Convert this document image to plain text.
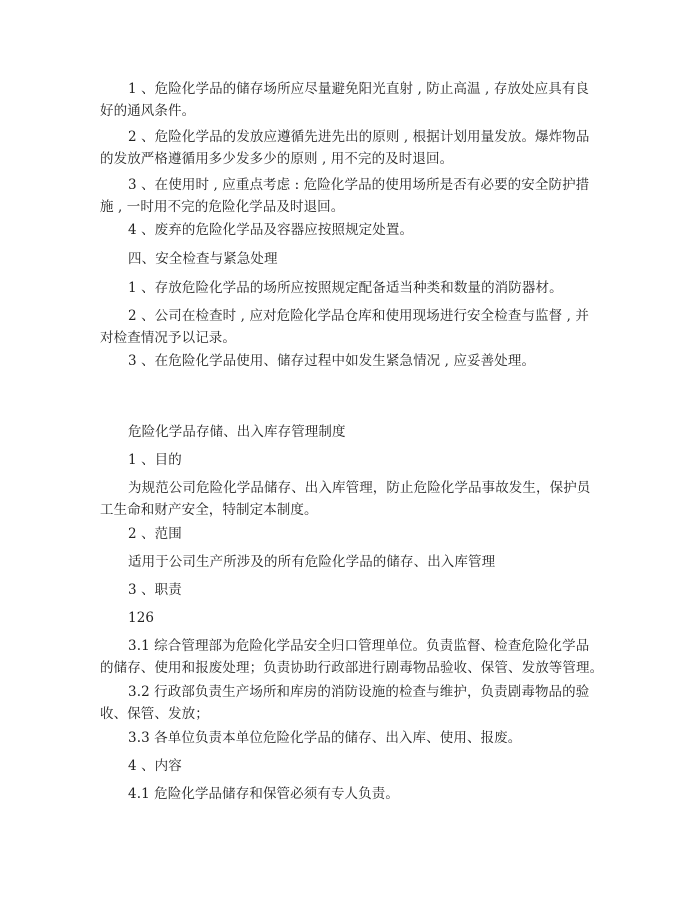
1 、危险化学品的储存场所应尽量避免阳光直射 , 防止高温 , 存放处应具有良
好的通风条件。
2 、危险化学品的发放应遵循先进先出的原则 , 根据计划用量发放。爆炸物品
的发放严格遵循用多少发多少的原则 , 用不完的及时退回。
3 、在使用时 , 应重点考虑 : 危险化学品的使用场所是否有必要的安全防护措
施 , 一时用不完的危险化学品及时退回。
4 、废弃的危险化学品及容器应按照规定处置。
四、安全检查与紧急处理
1 、存放危险化学品的场所应按照规定配备适当种类和数量的消防器材。
2 、公司在检查时 , 应对危险化学品仓库和使用现场进行安全检查与监督 , 并
对检查情况予以记录。
3 、在危险化学品使用、储存过程中如发生紧急情况 , 应妥善处理。
危险化学品存储、出入库存管理制度
1 、目的
为规范公司危险化学品储存、出入库管理，防止危险化学品事故发生，保护员
工生命和财产安全，特制定本制度。
2 、范围
适用于公司生产所涉及的所有危险化学品的储存、出入库管理
3 、职责
126
3.1 综合管理部为危险化学品安全归口管理单位。负责监督、检查危险化学品
的储存、使用和报废处理；负责协助行政部进行剧毒物品验收、保管、发放等管理。
3.2 行政部负责生产场所和库房的消防设施的检查与维护，负责剧毒物品的验
收、保管、发放；
3.3 各单位负责本单位危险化学品的储存、出入库、使用、报废。
4 、内容
4.1 危险化学品储存和保管必须有专人负责。
